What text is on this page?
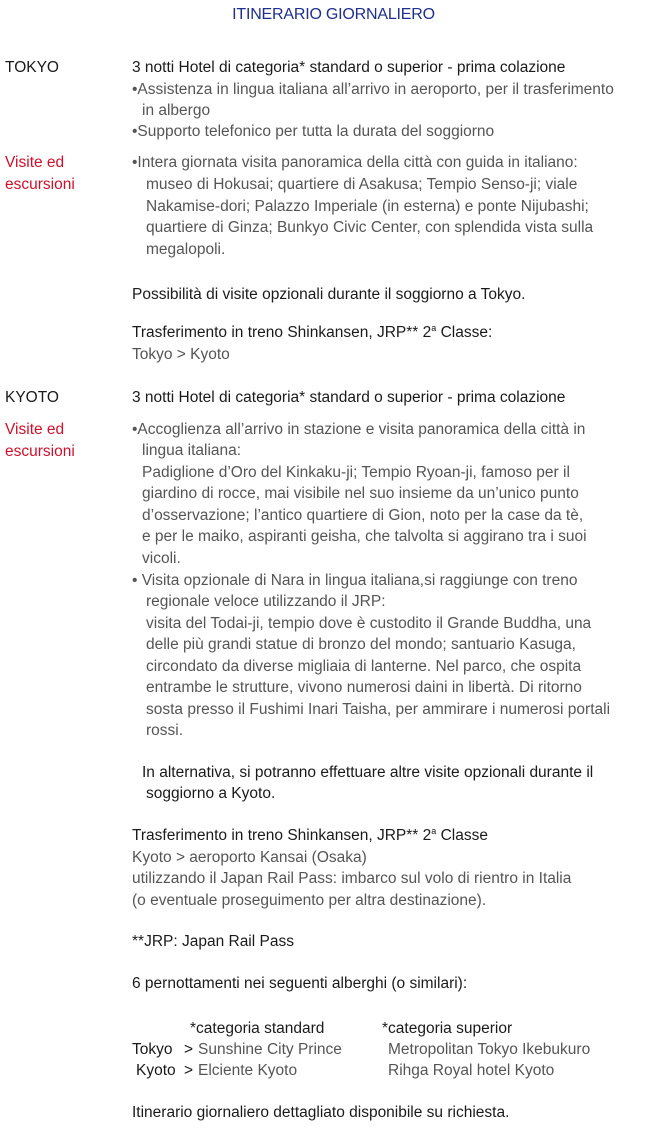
ITINERARIO GIORNALIERO
TOKYO	3 notti Hotel di categoria* standard o superior - prima colazione
•Assistenza in lingua italiana all’arrivo in aeroporto, per il trasferimento
in albergo
•Supporto telefonico per tutta la durata del soggiorno
Visite ed escursioni
•Intera giornata visita panoramica della città con guida in italiano:
museo di Hokusai; quartiere di Asakusa; Tempio Senso-ji; viale
Nakamise-dori; Palazzo Imperiale (in esterna) e ponte Nijubashi;
quartiere di Ginza; Bunkyo Civic Center, con splendida vista sulla
megalopoli.
Possibilità di visite opzionali durante il soggiorno a Tokyo.
Trasferimento in treno Shinkansen, JRP** 2$^a$ Classe:
Tokyo > Kyoto
KYOTO	3 notti Hotel di categoria* standard o superior - prima colazione
Visite ed escursioni
•Accoglienza all’arrivo in stazione e visita panoramica della città in
lingua italiana:
Padiglione d’Oro del Kinkaku-ji; Tempio Ryoan-ji, famoso per il
giardino di rocce, mai visibile nel suo insieme da un’unico punto
d’osservazione; l’antico quartiere di Gion, noto per la case da tè,
e per le maiko, aspiranti geisha, che talvolta si aggirano tra i suoi
vicoli.
• Visita opzionale di Nara in lingua italiana,si raggiunge con treno
regionale veloce utilizzando il JRP:
visita del Todai-ji, tempio dove è custodito il Grande Buddha, una
delle più grandi statue di bronzo del mondo; santuario Kasuga,
circondato da diverse migliaia di lanterne. Nel parco, che ospita
entrambe le strutture, vivono numerosi daini in libertà. Di ritorno
sosta presso il Fushimi Inari Taisha, per ammirare i numerosi portali
rossi.
In alternativa, si potranno effettuare altre visite opzionali durante il
soggiorno a Kyoto.
Trasferimento in treno Shinkansen, JRP** 2$^a$ Classe
Kyoto > aeroporto Kansai (Osaka)
utilizzando il Japan Rail Pass: imbarco sul volo di rientro in Italia
(o eventuale proseguimento per altra destinazione).
**JRP: Japan Rail Pass
6 pernottamenti nei seguenti alberghi (o similari):
*categoria standard	*categoria superior
Tokyo > Sunshine City Prince	Metropolitan Tokyo Ikebukuro
Kyoto > Elciente Kyoto	Rihga Royal hotel Kyoto
Itinerario giornaliero dettagliato disponibile su richiesta.
